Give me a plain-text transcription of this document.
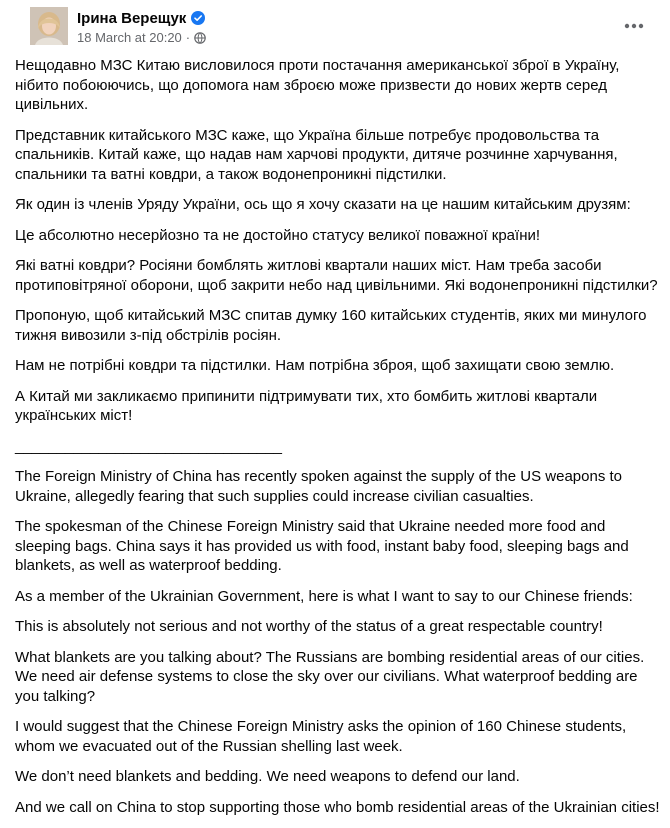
Ірина Верещук
18 March at 20:20 ·

Нещодавно МЗС Китаю висловилося проти постачання американської зброї в Україну, нібито побоюючись, що допомога нам зброєю може призвести до нових жертв серед цивільних.

Представник китайського МЗС каже, що Україна більше потребує продовольства та спальників. Китай каже, що надав нам харчові продукти, дитяче розчинне харчування, спальники та ватні ковдри, а також водонепроникні підстилки.

Як один із членів Уряду України, ось що я хочу сказати на це нашим китайським друзям:

Це абсолютно несерйозно та не достойно статусу великої поважної країни!

Які ватні ковдри? Росіяни бомблять житлові квартали наших міст. Нам треба засоби протиповітряної оборони, щоб закрити небо над цивільними. Які водонепроникні підстилки?

Пропоную, щоб китайський МЗС спитав думку 160 китайських студентів, яких ми минулого тижня вивозили з-під обстрілів росіян.

Нам не потрібні ковдри та підстилки. Нам потрібна зброя, щоб захищати свою землю.

А Китай ми закликаємо припинити підтримувати тих, хто бомбить житлові квартали українських міст!

________________________________

The Foreign Ministry of China has recently spoken against the supply of the US weapons to Ukraine, allegedly fearing that such supplies could increase civilian casualties.

The spokesman of the Chinese Foreign Ministry said that Ukraine needed more food and sleeping bags. China says it has provided us with food, instant baby food, sleeping bags and blankets, as well as waterproof bedding.

As a member of the Ukrainian Government, here is what I want to say to our Chinese friends:

This is absolutely not serious and not worthy of the status of a great respectable country!

What blankets are you talking about? The Russians are bombing residential areas of our cities. We need air defense systems to close the sky over our civilians. What waterproof bedding are you talking?

I would suggest that the Chinese Foreign Ministry asks the opinion of 160 Chinese students, whom we evacuated out of the Russian shelling last week.

We don’t need blankets and bedding. We need weapons to defend our land.

And we call on China to stop supporting those who bomb residential areas of the Ukrainian cities!
